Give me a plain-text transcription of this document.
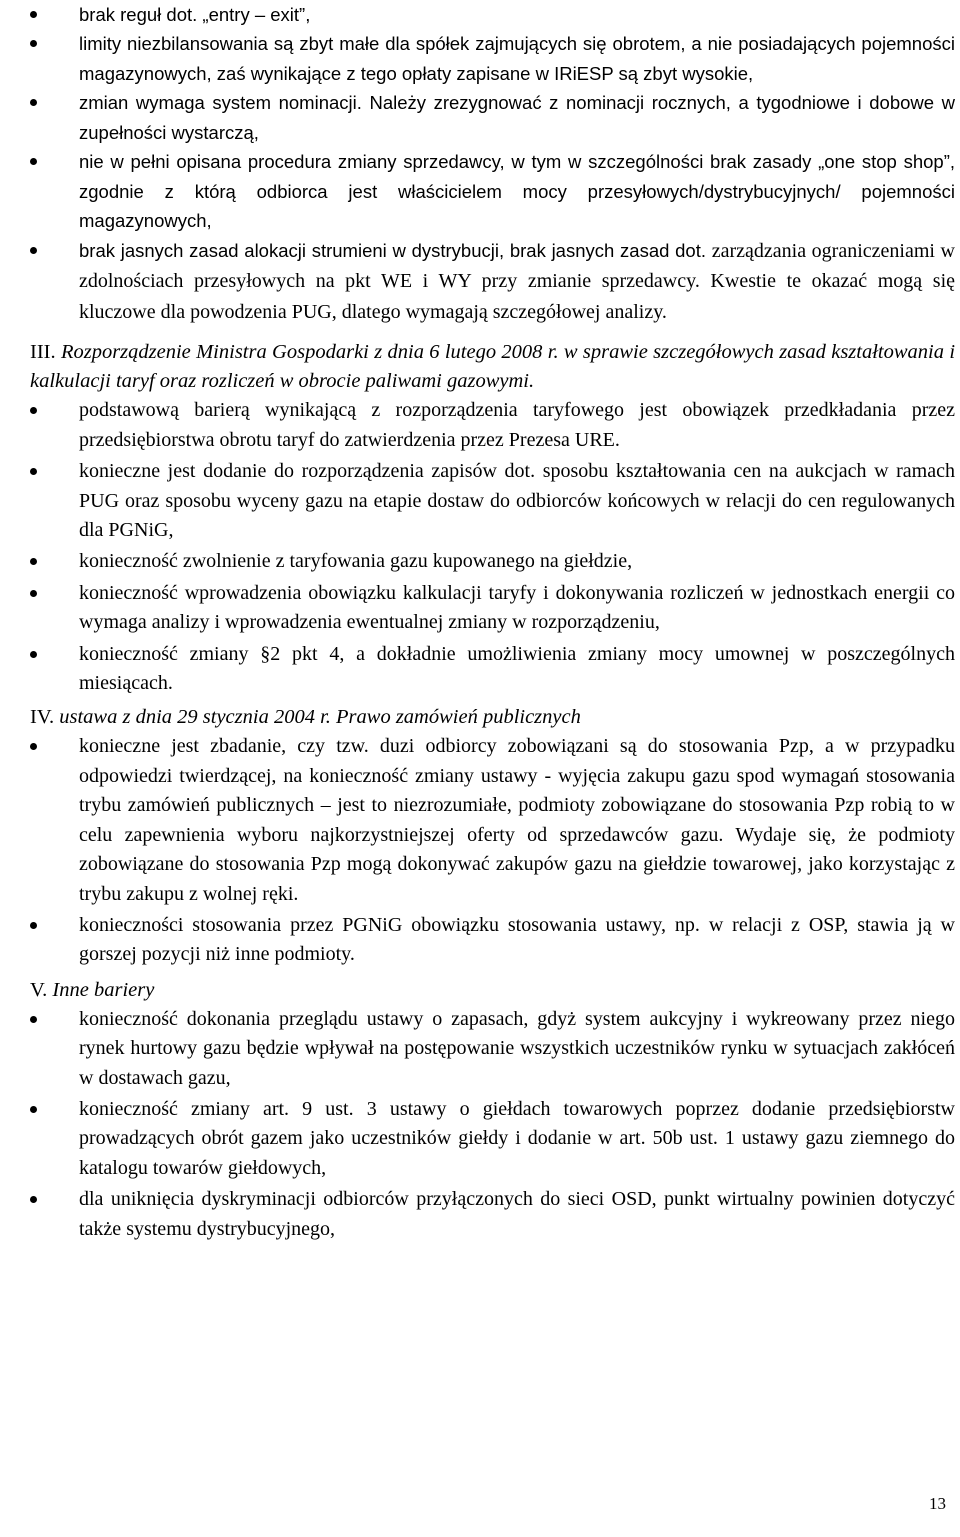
brak reguł dot. „entry – exit”,
limity niezbilansowania są zbyt małe dla spółek zajmujących się obrotem, a nie posiadających pojemności magazynowych, zaś wynikające z tego opłaty zapisane w IRiESP są zbyt wysokie,
zmian wymaga system nominacji. Należy zrezygnować z nominacji rocznych, a tygodniowe i dobowe w zupełności wystarczą,
nie w pełni opisana procedura zmiany sprzedawcy, w tym w szczególności brak zasady „one stop shop”, zgodnie z którą odbiorca jest właścicielem mocy przesyłowych/dystrybucyjnych/ pojemności magazynowych,
brak jasnych zasad alokacji strumieni w dystrybucji, brak jasnych zasad dot. zarządzania ograniczeniami w zdolnościach przesyłowych na pkt WE i WY przy zmianie sprzedawcy. Kwestie te okazać mogą się kluczowe dla powodzenia PUG, dlatego wymagają szczegółowej analizy.

III. Rozporządzenie Ministra Gospodarki z dnia 6 lutego 2008 r. w sprawie szczegółowych zasad kształtowania i kalkulacji taryf oraz rozliczeń w obrocie paliwami gazowymi.

podstawową barierą wynikającą z rozporządzenia taryfowego jest obowiązek przedkładania przez przedsiębiorstwa obrotu taryf do zatwierdzenia przez Prezesa URE.
konieczne jest dodanie do rozporządzenia zapisów dot. sposobu kształtowania cen na aukcjach w ramach PUG oraz sposobu wyceny gazu na etapie dostaw do odbiorców końcowych w relacji do cen regulowanych dla PGNiG,
konieczność zwolnienie z taryfowania gazu kupowanego na giełdzie,
konieczność wprowadzenia obowiązku kalkulacji taryfy i dokonywania rozliczeń w jednostkach energii co wymaga analizy i wprowadzenia ewentualnej zmiany w rozporządzeniu,
konieczność zmiany §2 pkt 4, a dokładnie umożliwienia zmiany mocy umownej w poszczególnych miesiącach.

IV. ustawa z dnia 29 stycznia 2004 r. Prawo zamówień publicznych

konieczne jest zbadanie, czy tzw. duzi odbiorcy zobowiązani są do stosowania Pzp, a w przypadku odpowiedzi twierdzącej, na konieczność zmiany ustawy - wyjęcia zakupu gazu spod wymagań stosowania trybu zamówień publicznych – jest to niezrozumiałe, podmioty zobowiązane do stosowania Pzp robią to w celu zapewnienia wyboru najkorzystniejszej oferty od sprzedawców gazu. Wydaje się, że podmioty zobowiązane do stosowania Pzp mogą dokonywać zakupów gazu na giełdzie towarowej, jako korzystając z trybu zakupu z wolnej ręki.
konieczności stosowania przez PGNiG obowiązku stosowania ustawy, np. w relacji z OSP, stawia ją w gorszej pozycji niż inne podmioty.

V. Inne bariery

konieczność dokonania przeglądu ustawy o zapasach, gdyż system aukcyjny i wykreowany przez niego rynek hurtowy gazu będzie wpływał na postępowanie wszystkich uczestników rynku w sytuacjach zakłóceń w dostawach gazu,
konieczność zmiany art. 9 ust. 3 ustawy o giełdach towarowych poprzez dodanie przedsiębiorstw prowadzących obrót gazem jako uczestników giełdy i dodanie w art. 50b ust. 1 ustawy gazu ziemnego do katalogu towarów giełdowych,
dla uniknięcia dyskryminacji odbiorców przyłączonych do sieci OSD, punkt wirtualny powinien dotyczyć także systemu dystrybucyjnego,
13
